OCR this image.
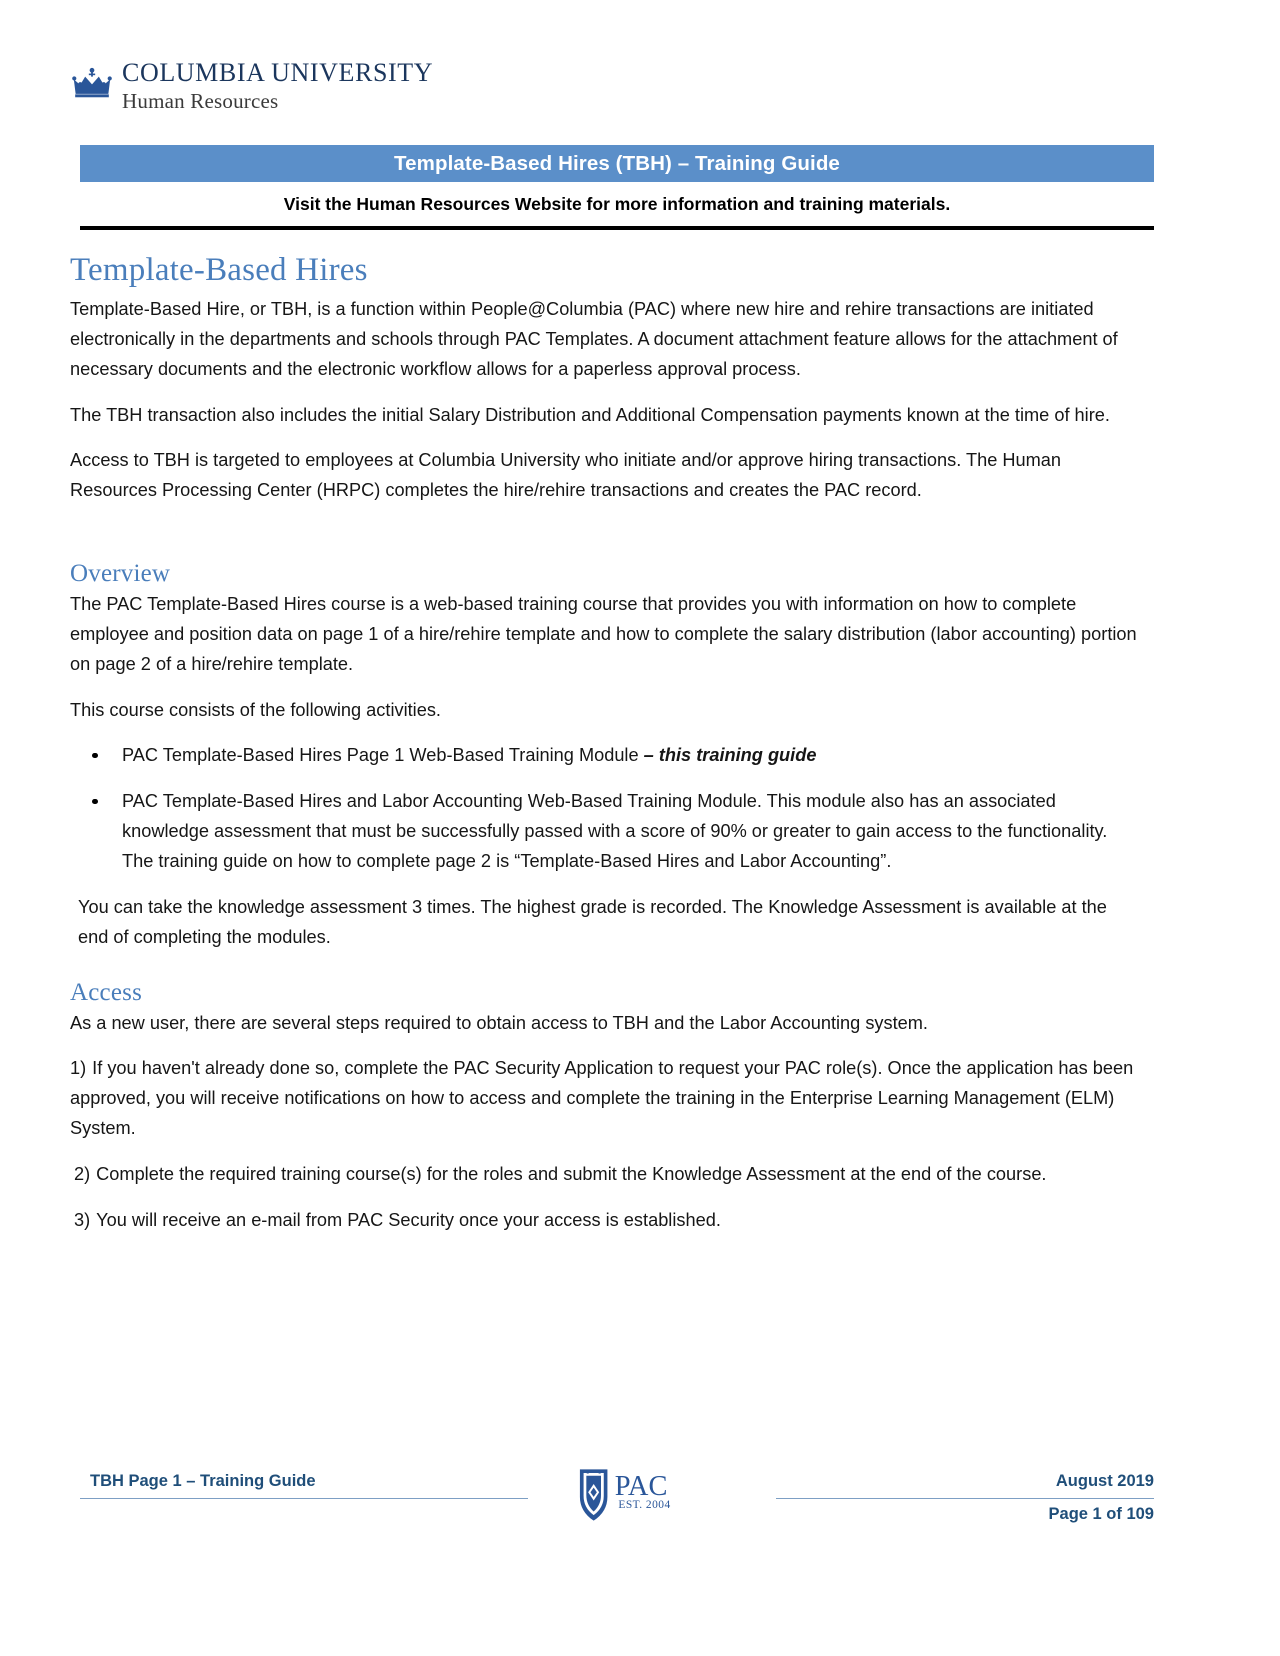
COLUMBIA UNIVERSITY
Human Resources
Template-Based Hires (TBH) – Training Guide
Visit the Human Resources Website for more information and training materials.
Template-Based Hires

Template-Based Hire, or TBH, is a function within People@Columbia (PAC) where new hire and rehire transactions are initiated electronically in the departments and schools through PAC Templates. A document attachment feature allows for the attachment of necessary documents and the electronic workflow allows for a paperless approval process.

The TBH transaction also includes the initial Salary Distribution and Additional Compensation payments known at the time of hire.

Access to TBH is targeted to employees at Columbia University who initiate and/or approve hiring transactions. The Human Resources Processing Center (HRPC) completes the hire/rehire transactions and creates the PAC record.

Overview

The PAC Template-Based Hires course is a web-based training course that provides you with information on how to complete employee and position data on page 1 of a hire/rehire template and how to complete the salary distribution (labor accounting) portion on page 2 of a hire/rehire template.

This course consists of the following activities.

PAC Template-Based Hires Page 1 Web-Based Training Module – this training guide
PAC Template-Based Hires and Labor Accounting Web-Based Training Module. This module also has an associated knowledge assessment that must be successfully passed with a score of 90% or greater to gain access to the functionality. The training guide on how to complete page 2 is “Template-Based Hires and Labor Accounting”.

You can take the knowledge assessment 3 times. The highest grade is recorded. The Knowledge Assessment is available at the end of completing the modules.

Access

As a new user, there are several steps required to obtain access to TBH and the Labor Accounting system.

1) If you haven't already done so, complete the PAC Security Application to request your PAC role(s). Once the application has been approved, you will receive notifications on how to access and complete the training in the Enterprise Learning Management (ELM) System.

2) Complete the required training course(s) for the roles and submit the Knowledge Assessment at the end of the course.

3) You will receive an e-mail from PAC Security once your access is established.

TBH Page 1 – Training Guide	PAC
EST. 2004
August 2019
Page 1 of 109
